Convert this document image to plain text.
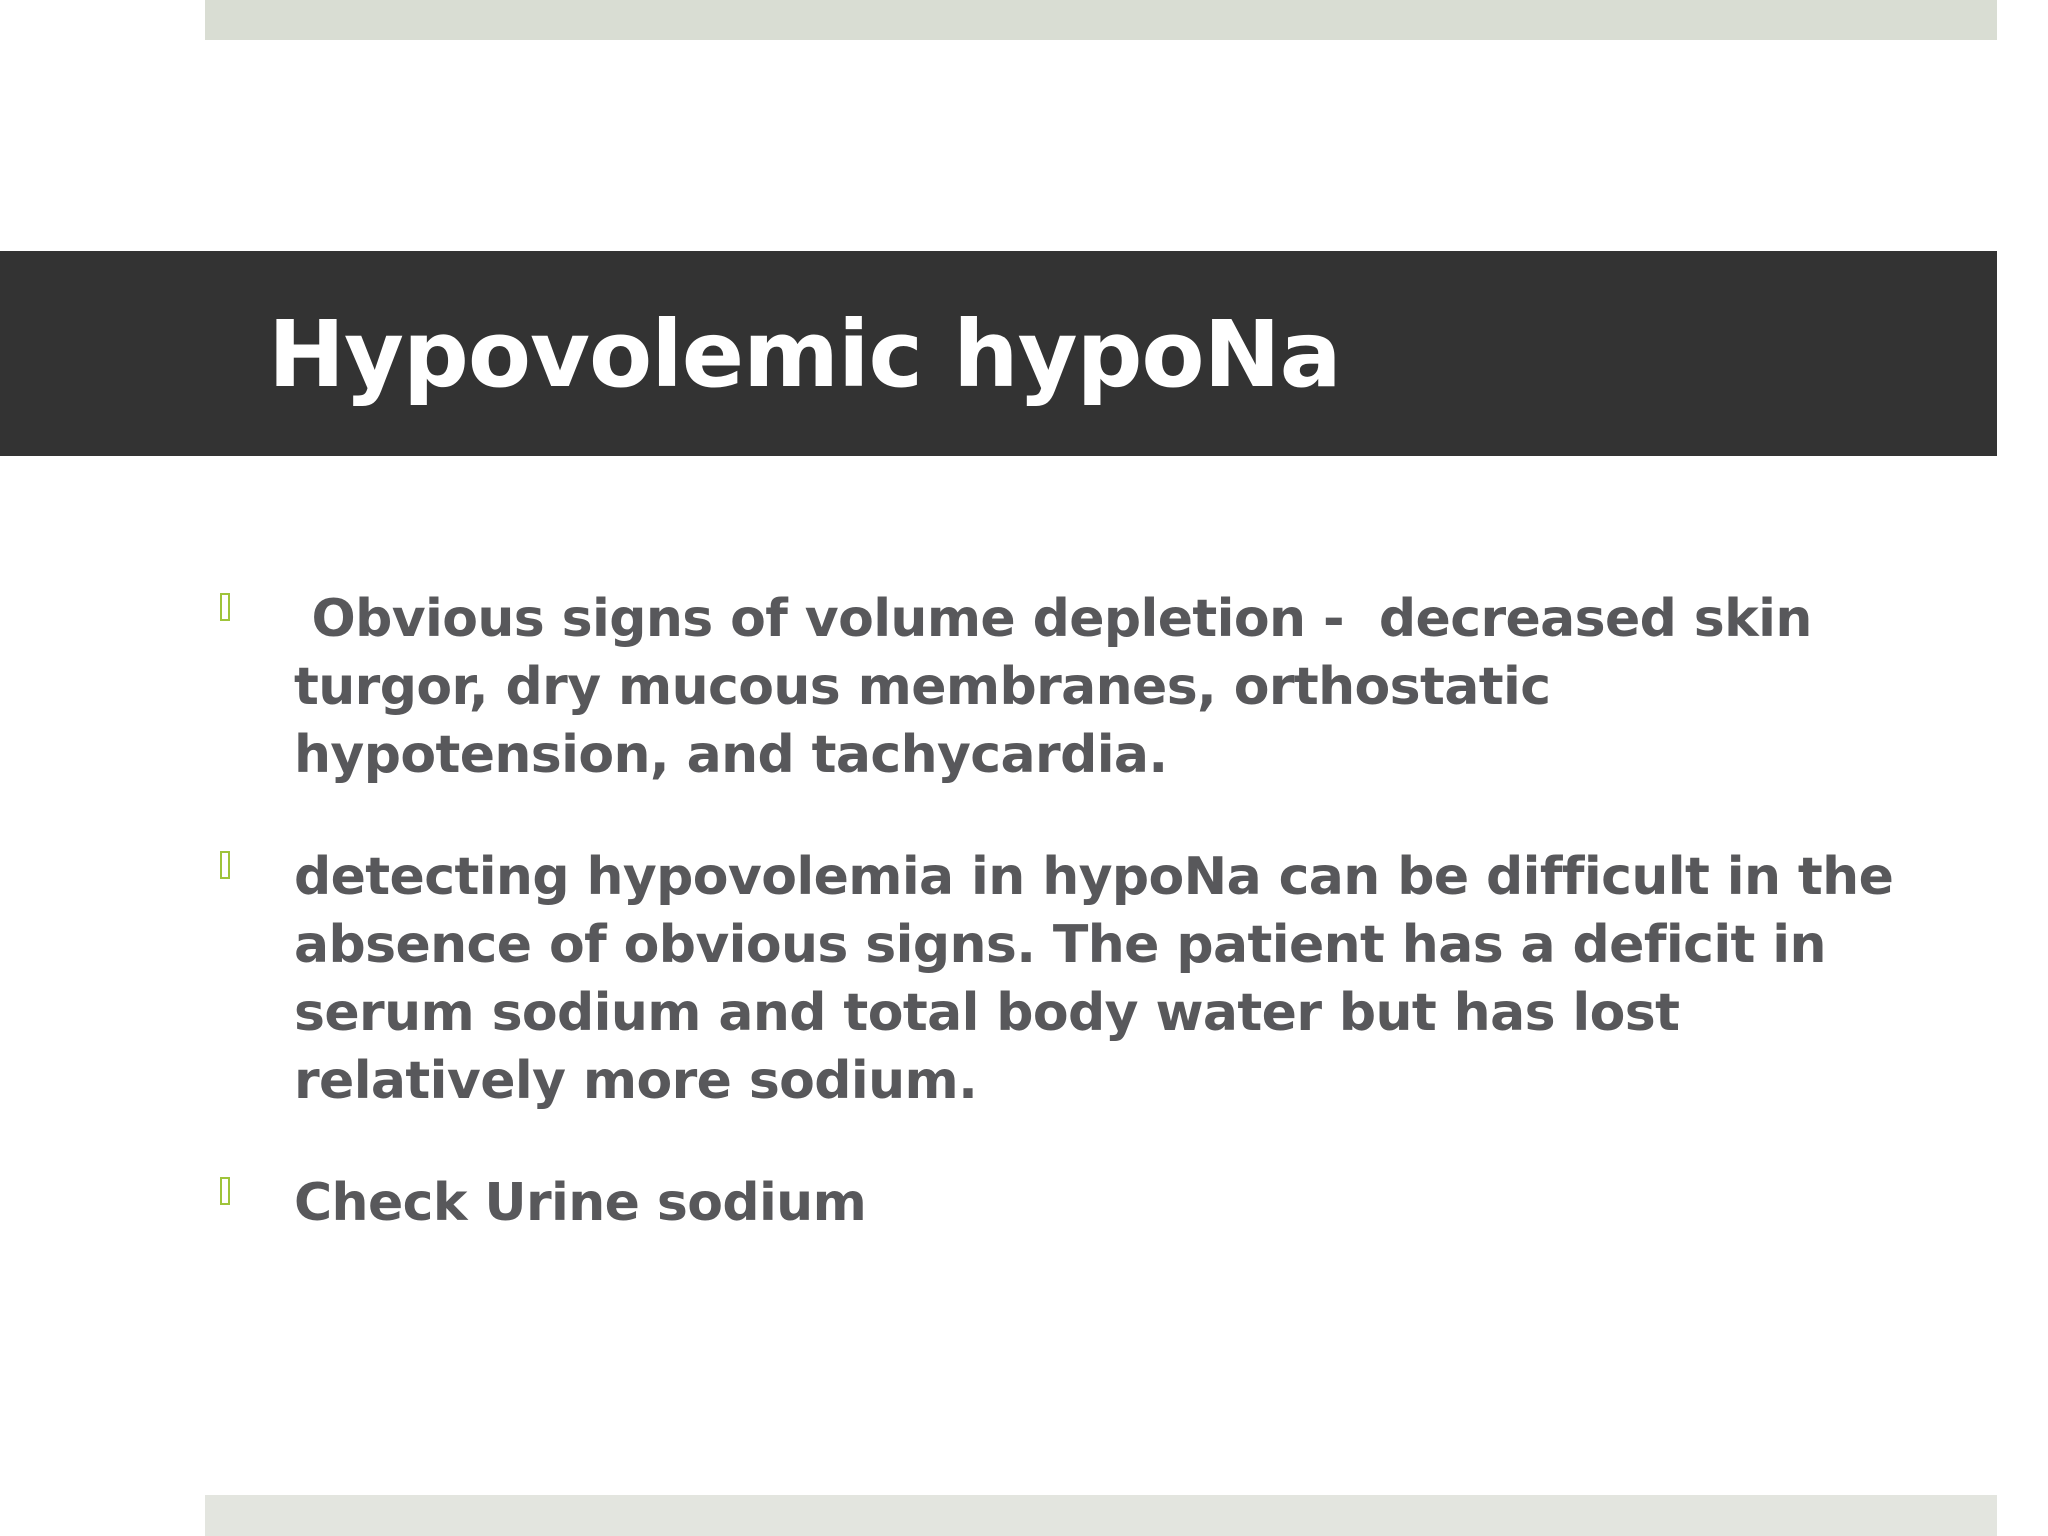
Hypovolemic hypoNa
Obvious signs of volume depletion -  decreased skin turgor, dry mucous membranes, orthostatic hypotension, and tachycardia.
detecting hypovolemia in hypoNa can be difficult in the absence of obvious signs. The patient has a deficit in serum sodium and total body water but has lost relatively more sodium.
Check Urine sodium
